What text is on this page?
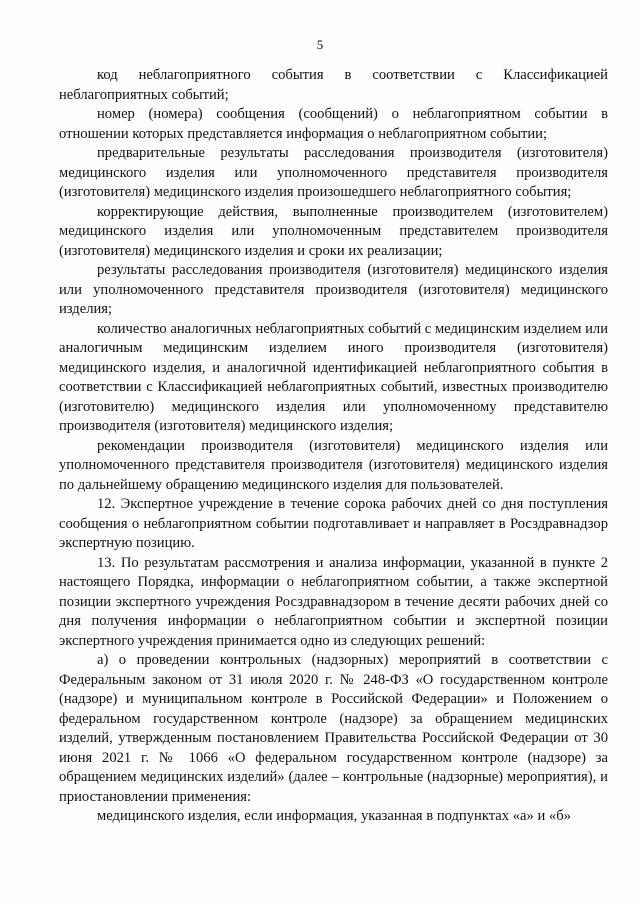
5

код неблагоприятного события в соответствии с Классификацией неблагоприятных событий;

номер (номера) сообщения (сообщений) о неблагоприятном событии в отношении которых представляется информация о неблагоприятном событии;

предварительные результаты расследования производителя (изготовителя) медицинского изделия или уполномоченного представителя производителя (изготовителя) медицинского изделия произошедшего неблагоприятного события;

корректирующие действия, выполненные производителем (изготовителем) медицинского изделия или уполномоченным представителем производителя (изготовителя) медицинского изделия и сроки их реализации;

результаты расследования производителя (изготовителя) медицинского изделия или уполномоченного представителя производителя (изготовителя) медицинского изделия;

количество аналогичных неблагоприятных событий с медицинским изделием или аналогичным медицинским изделием иного производителя (изготовителя) медицинского изделия, и аналогичной идентификацией неблагоприятного события в соответствии с Классификацией неблагоприятных событий, известных производителю (изготовителю) медицинского изделия или уполномоченному представителю производителя (изготовителя) медицинского изделия;

рекомендации производителя (изготовителя) медицинского изделия или уполномоченного представителя производителя (изготовителя) медицинского изделия по дальнейшему обращению медицинского изделия для пользователей.

12. Экспертное учреждение в течение сорока рабочих дней со дня поступления сообщения о неблагоприятном событии подготавливает и направляет в Росздравнадзор экспертную позицию.

13. По результатам рассмотрения и анализа информации, указанной в пункте 2 настоящего Порядка, информации о неблагоприятном событии, а также экспертной позиции экспертного учреждения Росздравнадзором в течение десяти рабочих дней со дня получения информации о неблагоприятном событии и экспертной позиции экспертного учреждения принимается одно из следующих решений:

а) о проведении контрольных (надзорных) мероприятий в соответствии с Федеральным законом от 31 июля 2020 г. № 248-ФЗ «О государственном контроле (надзоре) и муниципальном контроле в Российской Федерации» и Положением о федеральном государственном контроле (надзоре) за обращением медицинских изделий, утвержденным постановлением Правительства Российской Федерации от 30 июня 2021 г. № 1066 «О федеральном государственном контроле (надзоре) за обращением медицинских изделий» (далее – контрольные (надзорные) мероприятия), и приостановлении применения:

медицинского изделия, если информация, указанная в подпунктах «а» и «б»
